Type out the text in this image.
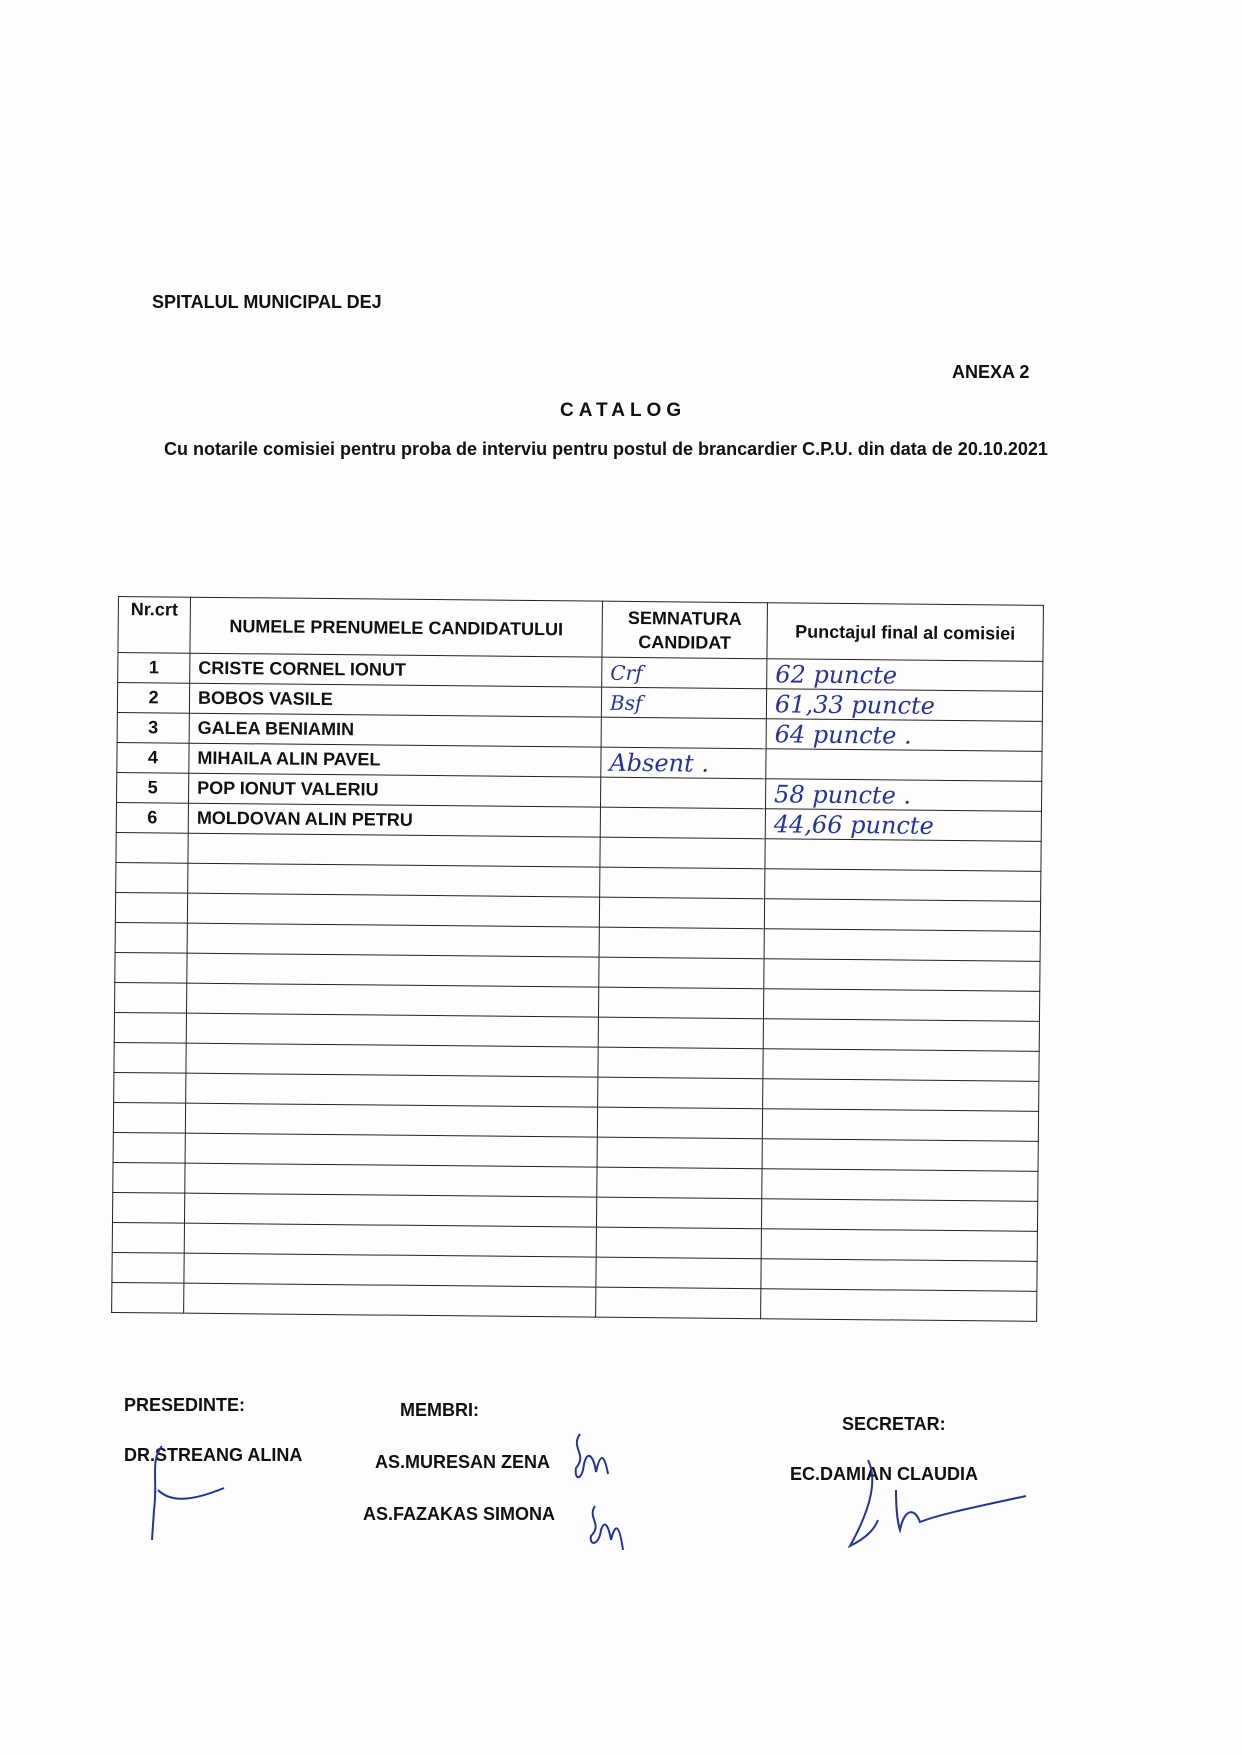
SPITALUL MUNICIPAL DEJ
ANEXA 2
CATALOG
Cu notarile comisiei pentru proba de interviu pentru postul de brancardier C.P.U. din data de 20.10.2021
Nr.crt	NUMELE PRENUMELE CANDIDATULUI	SEMNATURA CANDIDAT	Punctajul final al comisiei
1	CRISTE CORNEL IONUT	Crf	62 puncte
2	BOBOS VASILE	Bsf	61,33 puncte
3	GALEA BENIAMIN		64 puncte .
4	MIHAILA ALIN PAVEL	Absent .	
5	POP IONUT VALERIU		58 puncte .
6	MOLDOVAN ALIN PETRU		44,66 puncte

PRESEDINTE:
DR.STREANG ALINA
MEMBRI:
AS.MURESAN ZENA
AS.FAZAKAS SIMONA
SECRETAR:
EC.DAMIAN CLAUDIA
